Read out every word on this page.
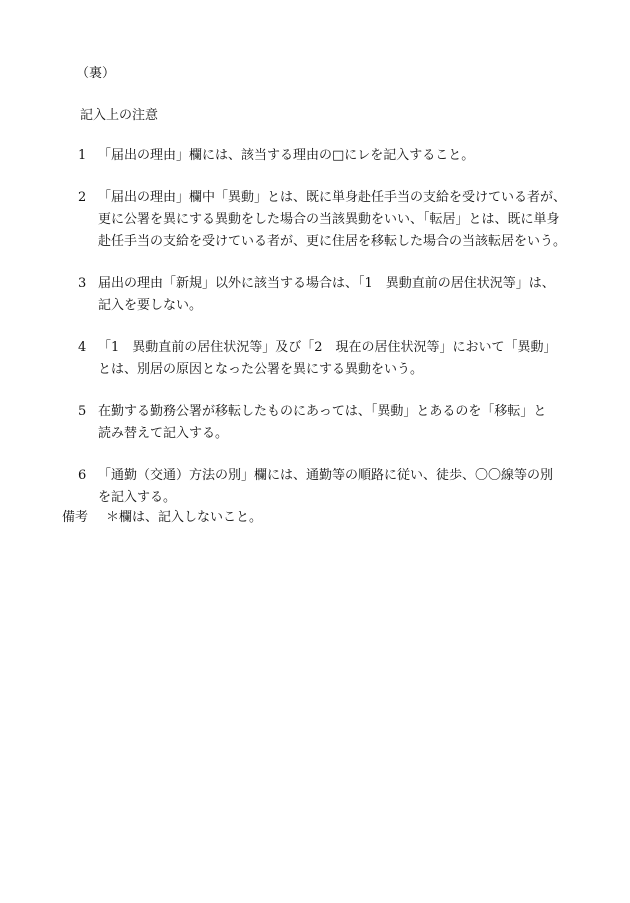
（裏）
記入上の注意
1 「届出の理由」欄には、該当する理由の□にレを記入すること。
2 「届出の理由」欄中「異動」とは、既に単身赴任手当の支給を受けている者が、
更に公署を異にする異動をした場合の当該異動をいい、「転居」とは、既に単身
赴任手当の支給を受けている者が、更に住居を移転した場合の当該転居をいう。
3 届出の理由「新規」以外に該当する場合は、「1　異動直前の居住状況等」は、
記入を要しない。
4 「1　異動直前の居住状況等」及び「2　現在の居住状況等」において「異動」
とは、別居の原因となった公署を異にする異動をいう。
5 在勤する勤務公署が移転したものにあっては、「異動」とあるのを「移転」と
読み替えて記入する。
6 「通勤（交通）方法の別」欄には、通勤等の順路に従い、徒歩、〇〇線等の別
を記入する。
備考	＊欄は、記入しないこと。
